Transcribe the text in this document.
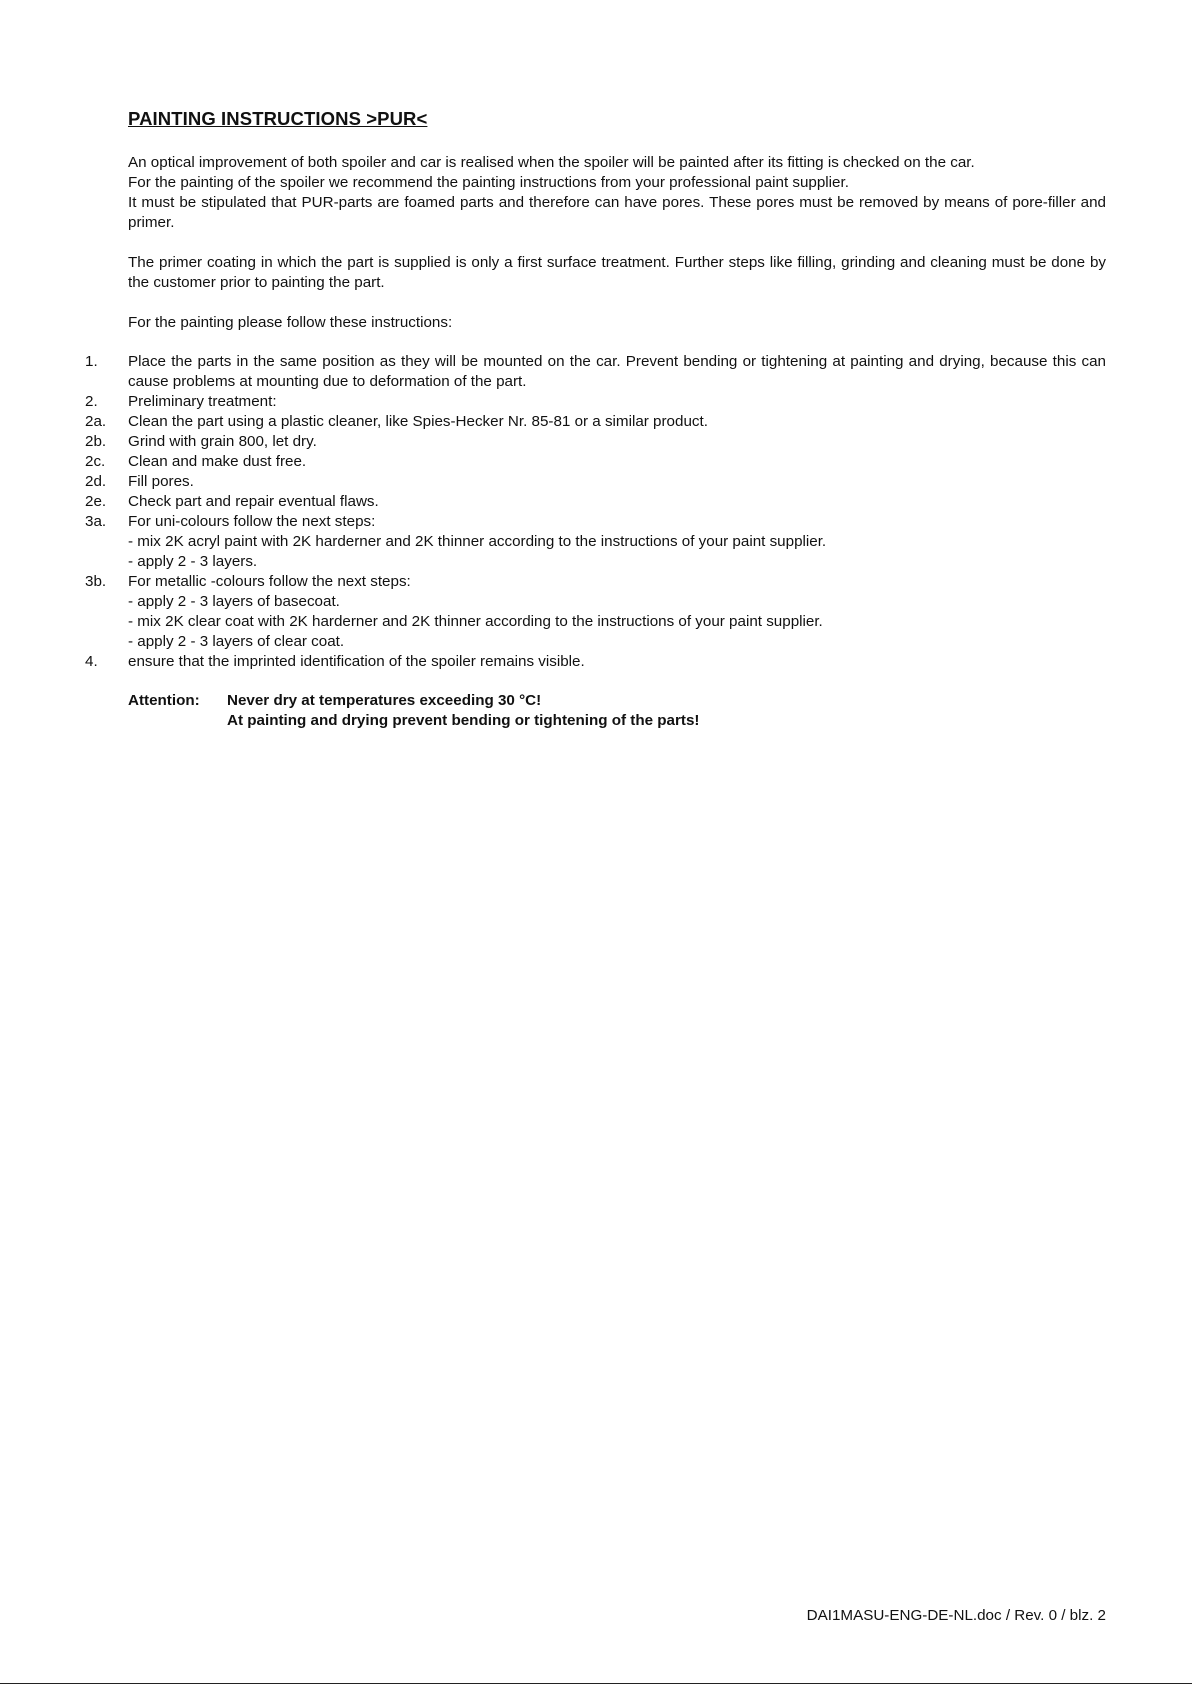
PAINTING INSTRUCTIONS >PUR<

An optical improvement of both spoiler and car is realised when the spoiler will be painted after its fitting is checked on the car.

For the painting of the spoiler we recommend the painting instructions from your professional paint supplier.

It must be stipulated that PUR-parts are foamed parts and therefore can have pores. These pores must be removed by means of pore-filler and primer.

The primer coating in which the part is supplied is only a first surface treatment. Further steps like filling, grinding and cleaning must be done by the customer prior to painting the part.

For the painting please follow these instructions:

1.	Place the parts in the same position as they will be mounted on the car. Prevent bending or tightening at painting and drying, because this can cause problems at mounting due to deformation of the part.
2.	Preliminary treatment:
2a.	Clean the part using a plastic cleaner, like Spies-Hecker Nr. 85-81 or a similar product.
2b.	Grind with grain 800, let dry.
2c.	Clean and make dust free.
2d.	Fill pores.
2e.	Check part and repair eventual flaws.
3a.	For uni-colours follow the next steps:
- mix 2K acryl paint with 2K harderner and 2K thinner according to the instructions of your paint supplier.
- apply 2 - 3 layers.
3b.	For metallic -colours follow the next steps:
- apply 2 - 3 layers of basecoat.
- mix 2K clear coat with 2K harderner and 2K thinner according to the instructions of your paint supplier.
- apply 2 - 3 layers of clear coat.
4.	ensure that the imprinted identification of the spoiler remains visible.
Attention:	Never dry at temperatures exceeding 30 °C!
At painting and drying prevent bending or tightening of the parts!
DAI1MASU-ENG-DE-NL.doc / Rev. 0 / blz. 2
